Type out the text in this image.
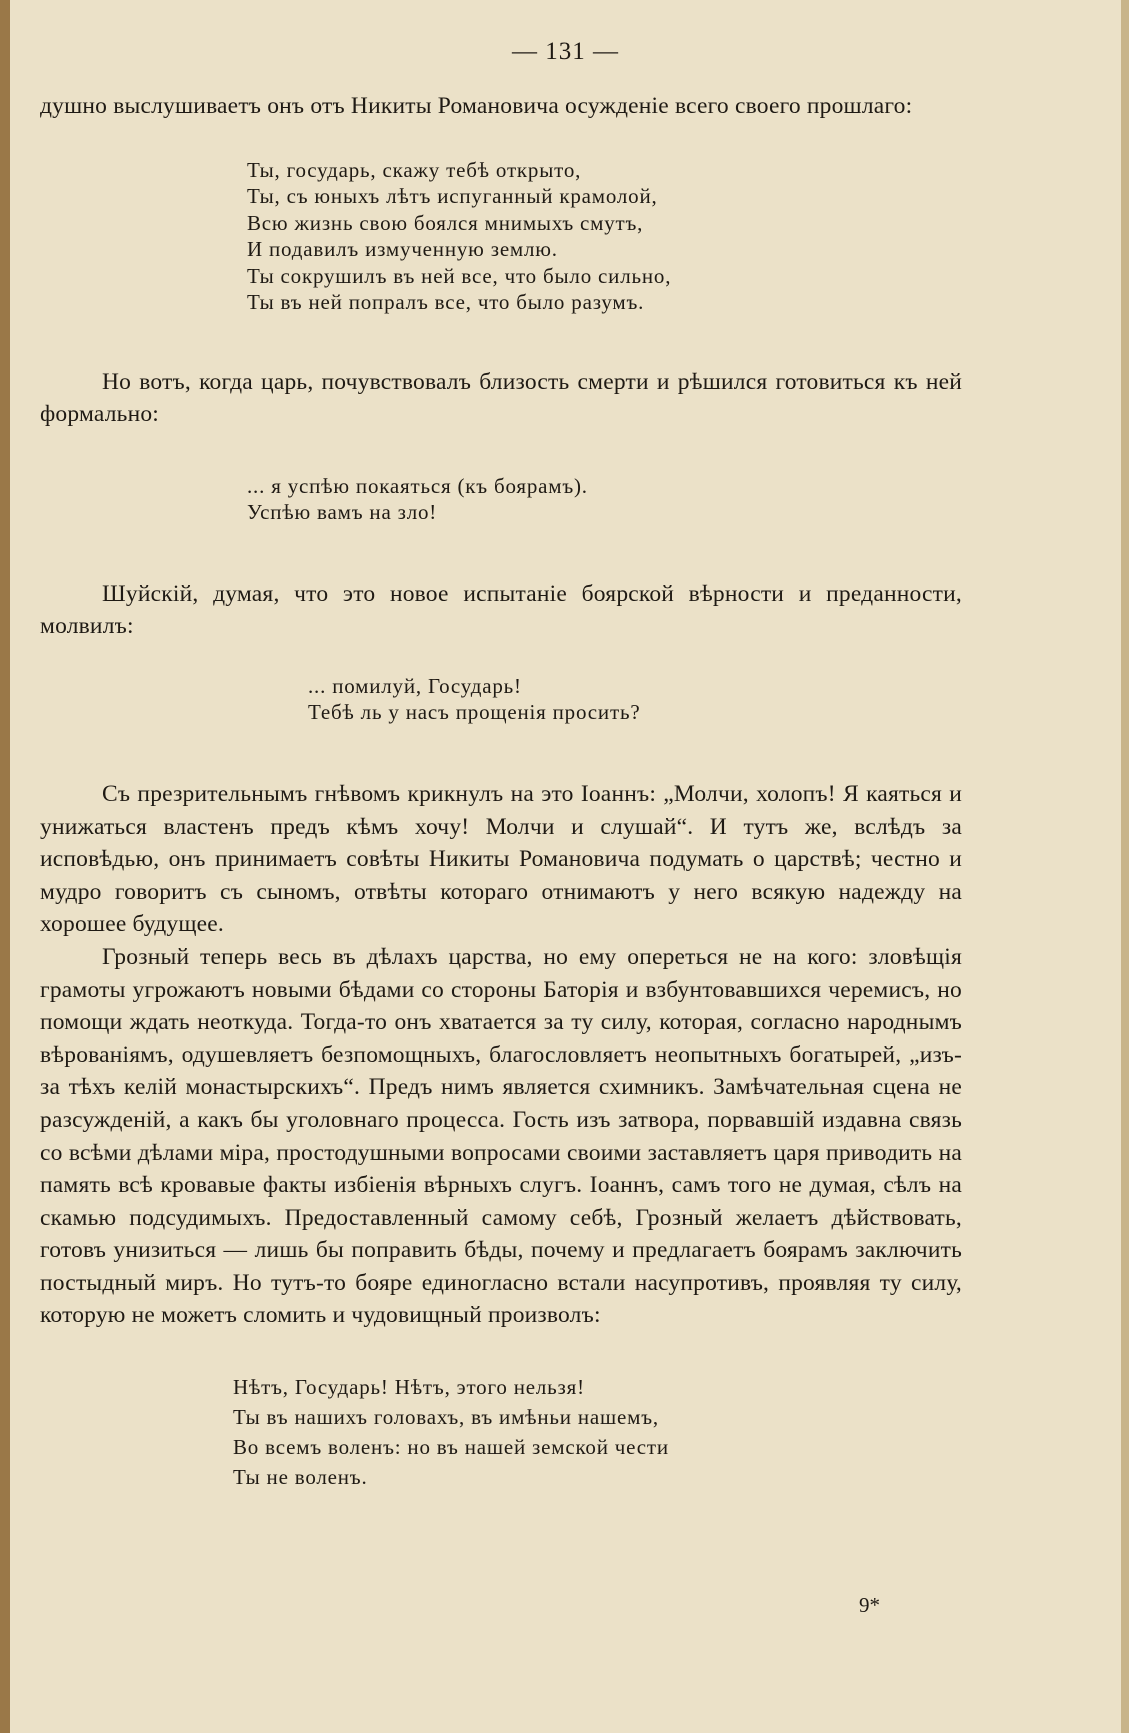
— 131 —

душно выслушиваетъ онъ отъ Никиты Романовича осужденіе всего своего прошлаго:

Ты, государь, скажу тебѣ открыто,
Ты, съ юныхъ лѣтъ испуганный крамолой,
Всю жизнь свою боялся мнимыхъ смутъ,
И подавилъ измученную землю.
Ты сокрушилъ въ ней все, что было сильно,
Ты въ ней попралъ все, что было разумъ.

Но вотъ, когда царь, почувствовалъ близость смерти и рѣшился готовиться къ ней формально:

... я успѣю покаяться (къ боярамъ).
Успѣю вамъ на зло!

Шуйскій, думая, что это новое испытаніе боярской вѣрности и преданности, молвилъ:

... помилуй, Государь!
Тебѣ ль у насъ прощенія просить?

Съ презрительнымъ гнѣвомъ крикнулъ на это Іоаннъ: „Молчи, холопъ! Я каяться и унижаться властенъ предъ кѣмъ хочу! Молчи и слушай“. И тутъ же, вслѣдъ за исповѣдью, онъ принимаетъ совѣты Никиты Романовича подумать о царствѣ; честно и мудро говоритъ съ сыномъ, отвѣты котораго отнимаютъ у него всякую надежду на хорошее будущее.

Грозный теперь весь въ дѣлахъ царства, но ему опереться не на кого: зловѣщія грамоты угрожаютъ новыми бѣдами со стороны Баторія и взбунтовавшихся черемисъ, но помощи ждать неоткуда. Тогда-то онъ хватается за ту силу, которая, согласно народнымъ вѣрованіямъ, одушевляетъ безпомощныхъ, благословляетъ неопытныхъ богатырей, „изъ-за тѣхъ келій монастырскихъ“. Предъ нимъ является схимникъ. Замѣчательная сцена не разсужденій, а какъ бы уголовнаго процесса. Гость изъ затвора, порвавшій издавна связь со всѣми дѣлами міра, простодушными вопросами своими заставляетъ царя приводить на память всѣ кровавые факты избіенія вѣрныхъ слугъ. Іоаннъ, самъ того не думая, сѣлъ на скамью подсудимыхъ. Предоставленный самому себѣ, Грозный желаетъ дѣйствовать, готовъ унизиться — лишь бы поправить бѣды, почему и предлагаетъ боярамъ заключить постыдный миръ. Но тутъ-то бояре единогласно встали насупротивъ, проявляя ту силу, которую не можетъ сломить и чудовищный произволъ:

Нѣтъ, Государь! Нѣтъ, этого нельзя!
Ты въ нашихъ головахъ, въ имѣньи нашемъ,
Во всемъ воленъ: но въ нашей земской чести
Ты не воленъ.
9*
